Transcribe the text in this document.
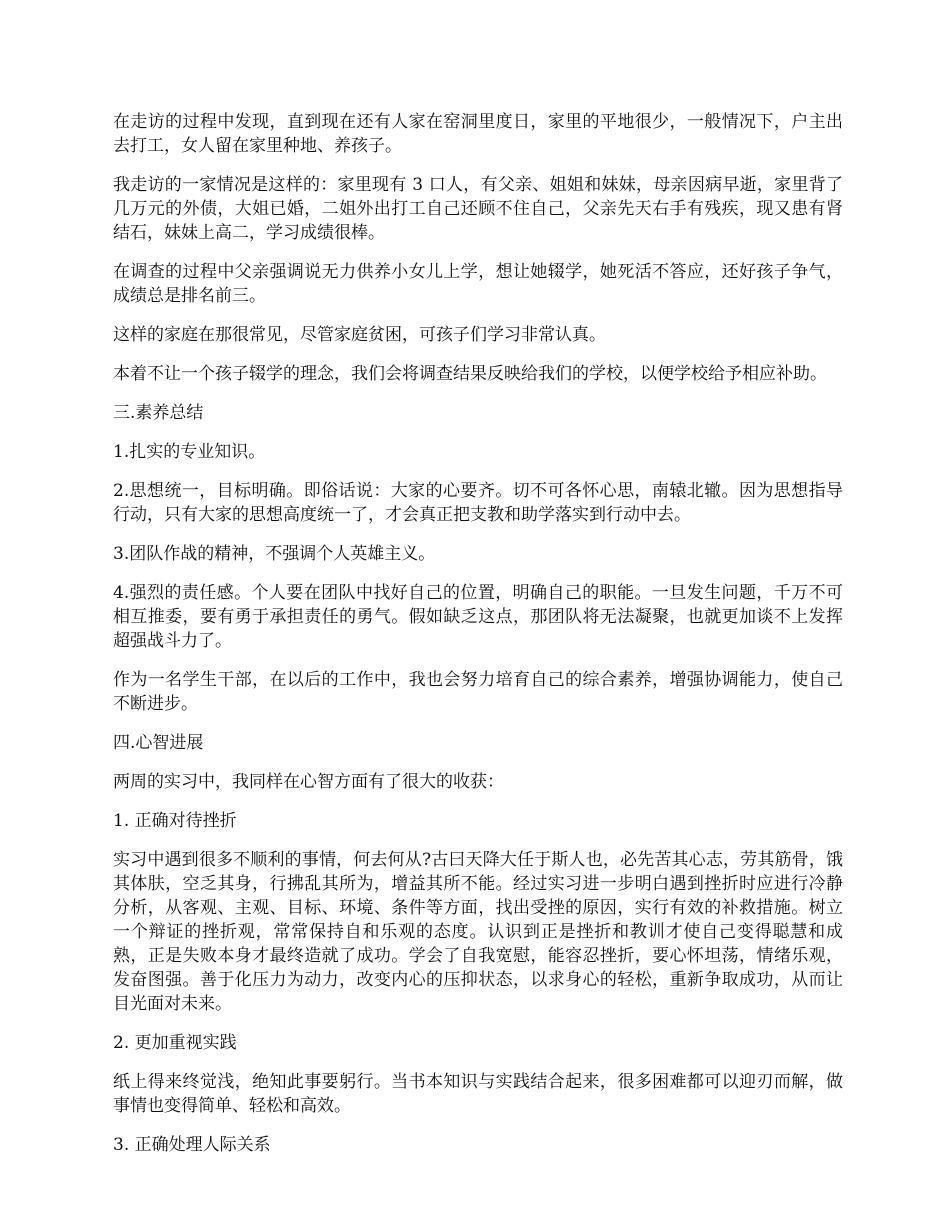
在走访的过程中发现，直到现在还有人家在窑洞里度日，家里的平地很少，一般情况下，户主出去打工，女人留在家里种地、养孩子。

我走访的一家情况是这样的：家里现有 3 口人，有父亲、姐姐和妹妹，母亲因病早逝，家里背了几万元的外债，大姐已婚，二姐外出打工自己还顾不住自己，父亲先天右手有残疾，现又患有肾结石，妹妹上高二，学习成绩很棒。

在调查的过程中父亲强调说无力供养小女儿上学，想让她辍学，她死活不答应，还好孩子争气，成绩总是排名前三。

这样的家庭在那很常见，尽管家庭贫困，可孩子们学习非常认真。

本着不让一个孩子辍学的理念，我们会将调查结果反映给我们的学校，以便学校给予相应补助。

三.素养总结

1.扎实的专业知识。

2.思想统一，目标明确。即俗话说：大家的心要齐。切不可各怀心思，南辕北辙。因为思想指导行动，只有大家的思想高度统一了，才会真正把支教和助学落实到行动中去。

3.团队作战的精神，不强调个人英雄主义。

4.强烈的责任感。个人要在团队中找好自己的位置，明确自己的职能。一旦发生问题，千万不可相互推委，要有勇于承担责任的勇气。假如缺乏这点，那团队将无法凝聚，也就更加谈不上发挥超强战斗力了。

作为一名学生干部，在以后的工作中，我也会努力培育自己的综合素养，增强协调能力，使自己不断进步。

四.心智进展

两周的实习中，我同样在心智方面有了很大的收获：

1. 正确对待挫折

实习中遇到很多不顺利的事情，何去何从?古曰天降大任于斯人也，必先苦其心志，劳其筋骨，饿其体肤，空乏其身，行拂乱其所为，增益其所不能。经过实习进一步明白遇到挫折时应进行冷静分析，从客观、主观、目标、环境、条件等方面，找出受挫的原因，实行有效的补救措施。树立一个辩证的挫折观，常常保持自和乐观的态度。认识到正是挫折和教训才使自己变得聪慧和成熟，正是失败本身才最终造就了成功。学会了自我宽慰，能容忍挫折，要心怀坦荡，情绪乐观，发奋图强。善于化压力为动力，改变内心的压抑状态，以求身心的轻松，重新争取成功，从而让目光面对未来。

2. 更加重视实践

纸上得来终觉浅，绝知此事要躬行。当书本知识与实践结合起来，很多困难都可以迎刃而解，做事情也变得简单、轻松和高效。

3. 正确处理人际关系
